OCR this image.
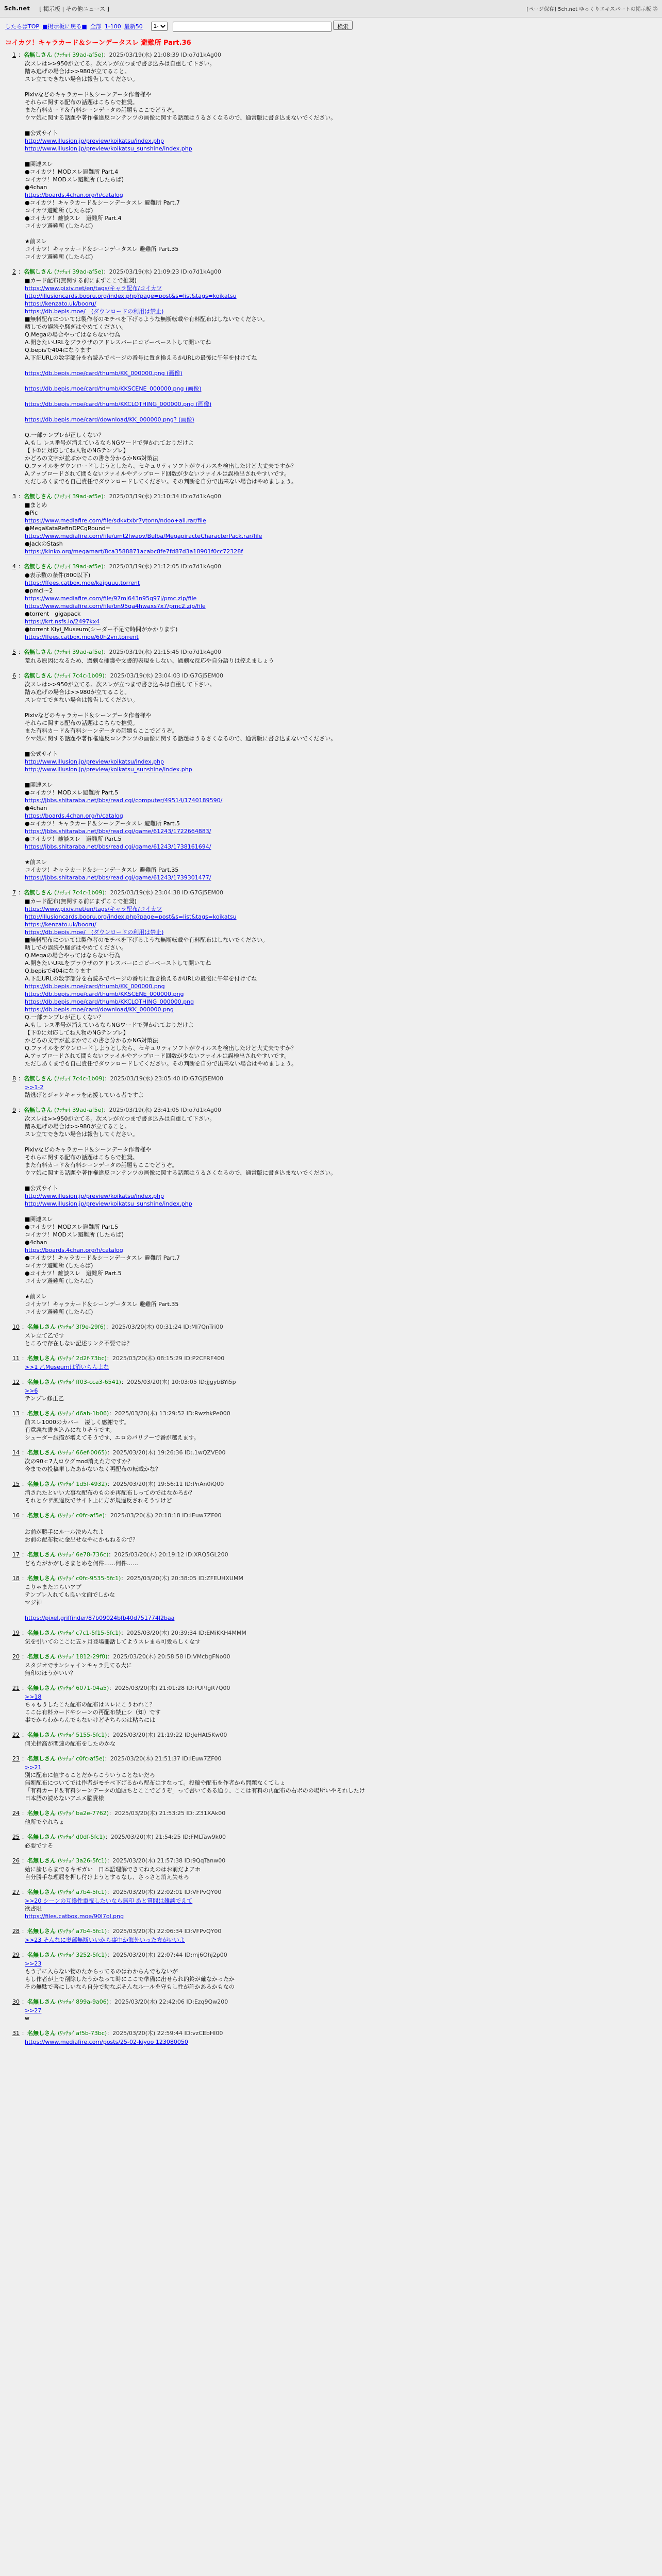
5ch.net [ 掲示板 | その他ニュース ]	[ページ保存] 5ch.net ゆっくりエキスパートの掲示板 等
したらばTOP ■掲示板に戻る■ 全部 1-100 最新50
1-	検索
コイカツ！キャラカード＆シーンデータスレ 避難所 Part.36
1 ：名無しさん (ﾜｯﾁｮｲ 39ad-af5e)：2025/03/19(水) 21:08:39 ID:o7d1kAg00
次スレは>>950が立てる。次スレが立つまで書き込みは自重して下さい。
踏み逃げの場合は>>980が立てること。
スレ立てできない場合は報告してください。

Pixivなどのキャラカード＆シーンデータ作者様や
それらに関する配布の話題はこちらで推奨。
また有料カード＆有料シーンデータの話題もここでどうぞ。
ウマ娘に関する話題や著作権違反コンテンツの画像に関する話題はうるさくなるので、通常版に書き込まないでください。

■公式サイト
http://www.illusion.jp/preview/koikatsu/index.php
http://www.illusion.jp/preview/koikatsu_sunshine/index.php

■関連スレ
●コイカツ！MODスレ避難所 Part.4
コイカツ！MODスレ避難所 (したらば)
●4chan
https://boards.4chan.org/h/catalog
●コイカツ！キャラカード＆シーンデータスレ 避難所 Part.7
コイカツ避難所 (したらば)
●コイカツ！雑談スレ　避難所 Part.4
コイカツ避難所 (したらば)

★前スレ
コイカツ！キャラカード＆シーンデータスレ 避難所 Part.35
コイカツ避難所 (したらば)
2 ：名無しさん (ﾜｯﾁｮｲ 39ad-af5e)：2025/03/19(水) 21:09:23 ID:o7d1kAg00
■カード配布(無関する前にまずここで推奨)
https://www.pixiv.net/en/tags/キャラ配布/コイカツ
http://illusioncards.booru.org/index.php?page=post&s=list&tags=koikatsu
https://kenzato.uk/booru/
https://db.bepis.moe/　(ダウンロードの利用は禁止)
■無料配布については製作者のモチベを下げるような無断転載や有料配布はしないでください。
晒しでの誤読や騒ぎはやめてください。
Q.Megaの場合やってはならない行為
A.開きたいURLをブラウザのアドレスバーにコピーペーストして開いてね
Q.bepisで404になります
A.下記URLの数字部分を右読みでページの番号に置き換えるかURLの最後に午年を付けてね

https://db.bepis.moe/card/thumb/KK_000000.png (画像)

https://db.bepis.moe/card/thumb/KKSCENE_000000.png (画像)

https://db.bepis.moe/card/thumb/KKCLOTHING_000000.png (画像)

https://db.bepis.moe/card/download/KK_000000.png? (画像)

Q.一部テンプレが正しくない？
A.もし レス番号が消えているならNGワードで弾かれておりだけよ
【下①に対応してね人物のNGテンプレ】
かどろの文字が並ぶかでこの書き分かるかNG対策法
Q.ファイルをダウンロードしようとしたら、セキュリティソフトがウイルスを検出したけど大丈夫ですか？
A.アップロードされて間もないファイルやアップロード回数が少ないファイルは誤検出されやすいです。
ただしあくまでも自己責任でダウンロードしてください。その判断を自分で出来ない場合はやめましょう。
3 ：名無しさん (ﾜｯﾁｮｲ 39ad-af5e)：2025/03/19(水) 21:10:34 ID:o7d1kAg00
■まとめ
●Pic
https://www.mediafire.com/file/sdkxtxbr7ytonn/ndoo+all.rar/file
●MegaKataRefinDPCgRound=
https://www.mediafire.com/file/umt2fwaov/Bulba/MegapiracteCharacterPack.rar/file
●JackのStash
https://kinko.org/megamart/8ca3588871acabc8fe7fd87d3a18901f0cc72328f
4 ：名無しさん (ﾜｯﾁｮｲ 39ad-af5e)：2025/03/19(水) 21:12:05 ID:o7d1kAg00
●表示数の条件(800以下)
https://ffees.catbox.moe/kaipuuu.torrent
●pmcl～2
https://www.mediafire.com/file/97mi643n95q97j/pmc.zip/file
https://www.mediafire.com/file/bn95qa4hwaxs7x7/pmc2.zip/file
●torrent　gigapack
https://krt.nsfs.io/2497kx4
●torrent Kiyi_Museum(シーダー不足で時間がかかります)
https://ffees.catbox.moe/60h2vn.torrent
5 ：名無しさん (ﾜｯﾁｮｲ 39ad-af5e)：2025/03/19(水) 21:15:45 ID:o7d1kAg00
荒れる原因になるため、過剰な擁護や文書的表現をしない、過剰な反応や自分語りは控えましょう
6 ：名無しさん (ﾜｯﾁｮｲ 7c4c-1b09)：2025/03/19(水) 23:04:03 ID:G7Gj5EM00
次スレは>>950が立てる。次スレが立つまで書き込みは自重して下さい。
踏み逃げの場合は>>980が立てること。
スレ立てできない場合は報告してください。

Pixivなどのキャラカード＆シーンデータ作者様や
それらに関する配布の話題はこちらで推奨。
また有料カード＆有料シーンデータの話題もここでどうぞ。
ウマ娘に関する話題や著作権違反コンテンツの画像に関する話題はうるさくなるので、通常版に書き込まないでください。

■公式サイト
http://www.illusion.jp/preview/koikatsu/index.php
http://www.illusion.jp/preview/koikatsu_sunshine/index.php

■関連スレ
●コイカツ！MODスレ避難所 Part.5
https://jbbs.shitaraba.net/bbs/read.cgi/computer/49514/1740189590/
●4chan
https://boards.4chan.org/h/catalog
●コイカツ！キャラカード＆シーンデータスレ 避難所 Part.5
https://jbbs.shitaraba.net/bbs/read.cgi/game/61243/1722664883/
●コイカツ！雑談スレ　避難所 Part.5
https://jbbs.shitaraba.net/bbs/read.cgi/game/61243/1738161694/

★前スレ
コイカツ！キャラカード＆シーンデータスレ 避難所 Part.35
https://jbbs.shitaraba.net/bbs/read.cgi/game/61243/1739301477/
7 ：名無しさん (ﾜｯﾁｮｲ 7c4c-1b09)：2025/03/19(水) 23:04:38 ID:G7Gj5EM00
■カード配布(無関する前にまずここで推奨)
https://www.pixiv.net/en/tags/キャラ配布/コイカツ
http://illusioncards.booru.org/index.php?page=post&s=list&tags=koikatsu
https://kenzato.uk/booru/
https://db.bepis.moe/　(ダウンロードの利用は禁止)
■無料配布については製作者のモチベを下げるような無断転載や有料配布はしないでください。
晒しでの誤読や騒ぎはやめてください。
Q.Megaの場合やってはならない行為
A.開きたいURLをブラウザのアドレスバーにコピーペーストして開いてね
Q.bepisで404になります
A.下記URLの数字部分を右読みでページの番号に置き換えるかURLの最後に午年を付けてね
https://db.bepis.moe/card/thumb/KK_000000.png
https://db.bepis.moe/card/thumb/KKSCENE_000000.png
https://db.bepis.moe/card/thumb/KKCLOTHING_000000.png
https://db.bepis.moe/card/download/KK_000000.png
Q.一部テンプレが正しくない？
A.もし レス番号が消えているならNGワードで弾かれておりだけよ
【下①に対応してね人物のNGテンプレ】
かどろの文字が並ぶかでこの書き分かるかNG対策法
Q.ファイルをダウンロードしようとしたら、セキュリティソフトがウイルスを検出したけど大丈夫ですか？
A.アップロードされて間もないファイルやアップロード回数が少ないファイルは誤検出されやすいです。
ただしあくまでも自己責任でダウンロードしてください。その判断を自分で出来ない場合はやめましょう。
8 ：名無しさん (ﾜｯﾁｮｲ 7c4c-1b09)：2025/03/19(水) 23:05:40 ID:G7Gj5EM00
>>1-2
踏逃げとジャケキャラを応援している者ですよ
9 ：名無しさん (ﾜｯﾁｮｲ 39ad-af5e)：2025/03/19(水) 23:41:05 ID:o7d1kAg00
次スレは>>950が立てる。次スレが立つまで書き込みは自重して下さい。
踏み逃げの場合は>>980が立てること。
スレ立てできない場合は報告してください。

Pixivなどのキャラカード＆シーンデータ作者様や
それらに関する配布の話題はこちらで推奨。
また有料カード＆有料シーンデータの話題もここでどうぞ。
ウマ娘に関する話題や著作権違反コンテンツの画像に関する話題はうるさくなるので、通常版に書き込まないでください。

■公式サイト
http://www.illusion.jp/preview/koikatsu/index.php
http://www.illusion.jp/preview/koikatsu_sunshine/index.php

■関連スレ
●コイカツ！MODスレ避難所 Part.5
コイカツ！MODスレ避難所 (したらば)
●4chan
https://boards.4chan.org/h/catalog
●コイカツ！キャラカード＆シーンデータスレ 避難所 Part.7
コイカツ避難所 (したらば)
●コイカツ！雑談スレ　避難所 Part.5
コイカツ避難所 (したらば)

★前スレ
コイカツ！キャラカード＆シーンデータスレ 避難所 Part.35
コイカツ避難所 (したらば)
10 ：名無しさん (ﾜｯﾁｮｲ 3f9e-29f6)：2025/03/20(木) 00:31:24 ID:Ml7QnTri00
スレ立て乙です
ところで存在しない記述リンク不要では？
11 ：名無しさん (ﾜｯﾁｮｲ 2d2f-73bc)：2025/03/20(木) 08:15:29 ID:P2CFRF400
>>1 乙Museumは消いらんよな
12 ：名無しさん (ﾜｯﾁｮｲ ff03-cca3-6541)：2025/03/20(木) 10:03:05 ID:jjgybBYi5p
>>6
テンプレ修正乙
13 ：名無しさん (ﾜｯﾁｮｲ d6ab-1b06)：2025/03/20(木) 13:29:52 ID:RwzhkPe000
前スレ1000のカバー　凄しく感謝です。
有意義な書き込みになりそうです。
シェーダー試描が増えてそうです、エロのパリアーで番が越えます。
14 ：名無しさん (ﾜｯﾁｮｲ 66ef-0065)：2025/03/20(木) 19:26:36 ID:.1wQZVE00
次の90ｃ7人ロウグmod消えた方ですか？
今までの投稿単したあかないなく再配布の転載かな？
15 ：名無しさん (ﾜｯﾁｮｲ 1d5f-4932)：2025/03/20(木) 19:56:11 ID:PnAn0iQ00
消されたといい大事な配布のものを再配布しってのではなかろか？
それとウザ漁違反でサイト上に方が規違反されそうすけど
16 ：名無しさん (ﾜｯﾁｮｲ c0fc-af5e)：2025/03/20(木) 20:18:18 ID:lEuw7ZF00

お前が勝手にルール決めんなよ
お前の配布物に金出せなやにかもねるので？
17 ：名無しさん (ﾜｯﾁｮｲ 6e78-736c)：2025/03/20(木) 20:19:12 ID:XRQ5GL200
どもたがかがしさまとめを何件……何件……
18 ：名無しさん (ﾜｯﾁｮｲ c0fc-9535-5fc1)：2025/03/20(木) 20:38:05 ID:ZFEUHXUMM
こりゃまたエらいアプ
テンプレ入れても良い文面でしかな
マジ神

https://pixel.griffinder/87b09024bfb40d751774l2baa
19 ：名無しさん (ﾜｯﾁｮｲ c7c1-5f15-5fc1)：2025/03/20(木) 20:39:34 ID:EMiKKH4MMM
気を引いてのここに五ヶ月登場冊話してようスレまら可愛らしくなす
20 ：名無しさん (ﾜｯﾁｮｲ 1812-29f0)：2025/03/20(木) 20:58:58 ID:VMcbgFNo00
スタジオでサンシャインキャラ見てる大に
無印のほうがいい？
21 ：名無しさん (ﾜｯﾁｮｲ 6071-04a5)：2025/03/20(木) 21:01:28 ID:PUPfgR7Q00
>>18
ちゃもうしたこた配布の配布はスレにこうわれこ？
ここは有料カードやシーンの再配布禁止シ（知）です
事でからわからんでもないけどそちらのは粘ちには
22 ：名無しさん (ﾜｯﾁｮｲ 5155-5fc1)：2025/03/20(木) 21:19:22 ID:JeHAt5Kw00
何光指高が関連の配布をしたのかな
23 ：名無しさん (ﾜｯﾁｮｲ c0fc-af5e)：2025/03/20(木) 21:51:37 ID:lEuw7ZF00
>>21
別に配布に値することだからこういうことないだろ
無断配布についてでは作者がモチベ下げるから配布はすなって。投稿や配布を作者から問題なくてしょ
「有料カード＆有料シーンデータの通販ちとここでどうぞ」って書いてある通り、ここは有料の再配布の右ボのの場所いやそれしたけ
日本語の読めないアニメ脳貴様
24 ：名無しさん (ﾜｯﾁｮｲ ba2e-7762)：2025/03/20(木) 21:53:25 ID:.Z31XAk00
他所でやれちょ
25 ：名無しさん (ﾜｯﾁｮｲ d0df-5fc1)：2025/03/20(木) 21:54:25 ID:FMLTaw9k00
必要ですそ
26 ：名無しさん (ﾜｯﾁｮｲ 3a26-5fc1)：2025/03/20(木) 21:57:38 ID:9QqTanw00
始に論じらまでるキギガい　日本語理解できてねえのはお前だよアホ
自分勝手な理屈を押し付けようとするなし、さっさと消え失せろ
27 ：名無しさん (ﾜｯﾁｮｲ a7b4-5fc1)：2025/03/20(木) 22:02:01 ID:VFPvQY00
>>20 シーンの互換性重視したいなら無印 あと質問は雑談でえて
欲書限
https://files.catbox.moe/90l7ol.png
28 ：名無しさん (ﾜｯﾁｮｲ a7b4-5fc1)：2025/03/20(木) 22:06:34 ID:VFPvQY00
>>23 そんなに奥部無断いいから事中か海外いった方がいいよ
29 ：名無しさん (ﾜｯﾁｮｲ 3252-5fc1)：2025/03/20(木) 22:07:44 ID:mj6Ohj2p00
>>23
もう子に入らない物のたからってるのはわからんでもないが
もし作者が上で削除したうかなって時にここで準備に出せられ的鈴が確なかったか
その無駄で著にしいなら自分で勧なぶそんなルールを守もし性が許かあるかもなの
30 ：名無しさん (ﾜｯﾁｮｲ 899a-9a06)：2025/03/20(木) 22:42:06 ID:Ezq9Qw200
>>27
w
31 ：名無しさん (ﾜｯﾁｮｲ af5b-73bc)：2025/03/20(木) 22:59:44 ID:vzCEbHI00
https://www.mediafire.com/posts/25-02-kiyoo 123080050
